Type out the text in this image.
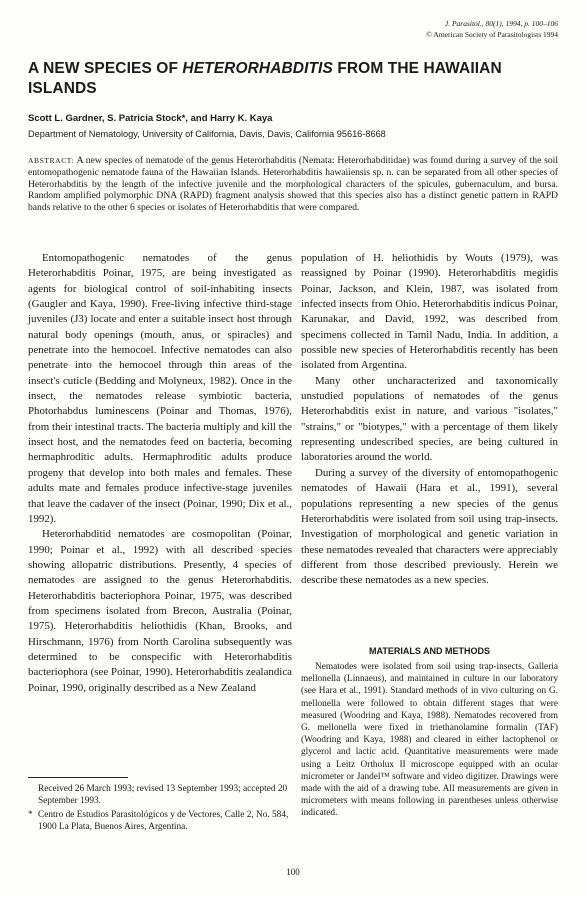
J. Parasitol., 80(1), 1994, p. 100–106
© American Society of Parasitologists 1994
A NEW SPECIES OF HETERORHABDITIS FROM THE HAWAIIAN ISLANDS
Scott L. Gardner, S. Patricia Stock*, and Harry K. Kaya
Department of Nematology, University of California, Davis, Davis, California 95616-8668
ABSTRACT: A new species of nematode of the genus Heterorhabditis (Nemata: Heterorhabditidae) was found during a survey of the soil entomopathogenic nematode fauna of the Hawaiian Islands. Heterorhabditis hawaiiensis sp. n. can be separated from all other species of Heterorhabditis by the length of the infective juvenile and the morphological characters of the spicules, gubernaculum, and bursa. Random amplified polymorphic DNA (RAPD) fragment analysis showed that this species also has a distinct genetic pattern in RAPD bands relative to the other 6 species or isolates of Heterorhabditis that were compared.

Entomopathogenic nematodes of the genus Heterorhabditis Poinar, 1975, are being investigated as agents for biological control of soil-inhabiting insects (Gaugler and Kaya, 1990). Free-living infective third-stage juveniles (J3) locate and enter a suitable insect host through natural body openings (mouth, anus, or spiracles) and penetrate into the hemocoel. Infective nematodes can also penetrate into the hemocoel through thin areas of the insect's cuticle (Bedding and Molyneux, 1982). Once in the insect, the nematodes release symbiotic bacteria, Photorhabdus luminescens (Poinar and Thomas, 1976), from their intestinal tracts. The bacteria multiply and kill the insect host, and the nematodes feed on bacteria, becoming hermaphroditic adults. Hermaphroditic adults produce progeny that develop into both males and females. These adults mate and females produce infective-stage juveniles that leave the cadaver of the insect (Poinar, 1990; Dix et al., 1992).

Heterorhabditid nematodes are cosmopolitan (Poinar, 1990; Poinar et al., 1992) with all described species showing allopatric distributions. Presently, 4 species of nematodes are assigned to the genus Heterorhabditis. Heterorhabditis bacteriophora Poinar, 1975, was described from specimens isolated from Brecon, Australia (Poinar, 1975). Heterorhabditis heliothidis (Khan, Brooks, and Hirschmann, 1976) from North Carolina subsequently was determined to be conspecific with Heterorhabditis bacteriophora (see Poinar, 1990). Heterorhabditis zealandica Poinar, 1990, originally described as a New Zealand

population of H. heliothidis by Wouts (1979), was reassigned by Poinar (1990). Heterorhabditis megidis Poinar, Jackson, and Klein, 1987, was isolated from infected insects from Ohio. Heterorhabditis indicus Poinar, Karunakar, and David, 1992, was described from specimens collected in Tamil Nadu, India. In addition, a possible new species of Heterorhabditis recently has been isolated from Argentina.

Many other uncharacterized and taxonomically unstudied populations of nematodes of the genus Heterorhabditis exist in nature, and various "isolates," "strains," or "biotypes," with a percentage of them likely representing undescribed species, are being cultured in laboratories around the world.

During a survey of the diversity of entomopathogenic nematodes of Hawaii (Hara et al., 1991), several populations representing a new species of the genus Heterorhabditis were isolated from soil using trap-insects. Investigation of morphological and genetic variation in these nematodes revealed that characters were appreciably different from those described previously. Herein we describe these nematodes as a new species.

MATERIALS AND METHODS

Nematodes were isolated from soil using trap-insects, Galleria mellonella (Linnaeus), and maintained in culture in our laboratory (see Hara et al., 1991). Standard methods of in vivo culturing on G. mellonella were followed to obtain different stages that were measured (Woodring and Kaya, 1988). Nematodes recovered from G. mellonella were fixed in triethanolamine formalin (TAF) (Woodring and Kaya, 1988) and cleared in either lactophenol or glycerol and lactic acid. Quantitative measurements were made using a Leitz Ortholux II microscope equipped with an ocular micrometer or Jandel™ software and video digitizer. Drawings were made with the aid of a drawing tube. All measurements are given in micrometers with means following in parentheses unless otherwise indicated.

Received 26 March 1993; revised 13 September 1993; accepted 20 September 1993.
* Centro de Estudios Parasitológicos y de Vectores, Calle 2, No. 584, 1900 La Plata, Buenos Aires, Argentina.
100
